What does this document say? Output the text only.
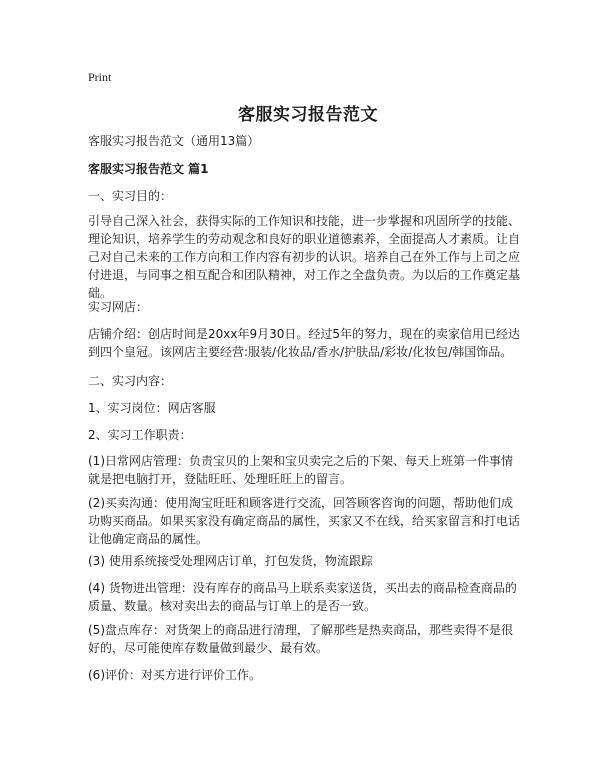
Print
客服实习报告范文

客服实习报告范文（通用13篇）

客服实习报告范文 篇1

一、实习目的：

引导自己深入社会，获得实际的工作知识和技能，进一步掌握和巩固所学的技能、理论知识，培养学生的劳动观念和良好的职业道德素养，全面提高人才素质。让自己对自己未来的工作方向和工作内容有初步的认识。培养自己在外工作与上司之应付进退，与同事之相互配合和团队精神，对工作之全盘负责。为以后的工作奠定基础。

实习网店：

店铺介绍：创店时间是20xx年9月30日。经过5年的努力，现在的卖家信用已经达到四个皇冠。该网店主要经营:服装/化妆品/香水/护肤品/彩妆/化妆包/韩国饰品。

二、实习内容：

1、实习岗位：网店客服

2、实习工作职责：

(1)日常网店管理：负责宝贝的上架和宝贝卖完之后的下架、每天上班第一件事情就是把电脑打开，登陆旺旺、处理旺旺上的留言。

(2)买卖沟通：使用淘宝旺旺和顾客进行交流，回答顾客咨询的问题，帮助他们成功购买商品。如果买家没有确定商品的属性，买家又不在线，给买家留言和打电话让他确定商品的属性。

(3) 使用系统接受处理网店订单，打包发货，物流跟踪

(4) 货物进出管理：没有库存的商品马上联系卖家送货，买出去的商品检查商品的质量、数量。核对卖出去的商品与订单上的是否一致。

(5)盘点库存：对货架上的商品进行清理，了解那些是热卖商品，那些卖得不是很好的，尽可能使库存数量做到最少、最有效。

(6)评价：对买方进行评价工作。
